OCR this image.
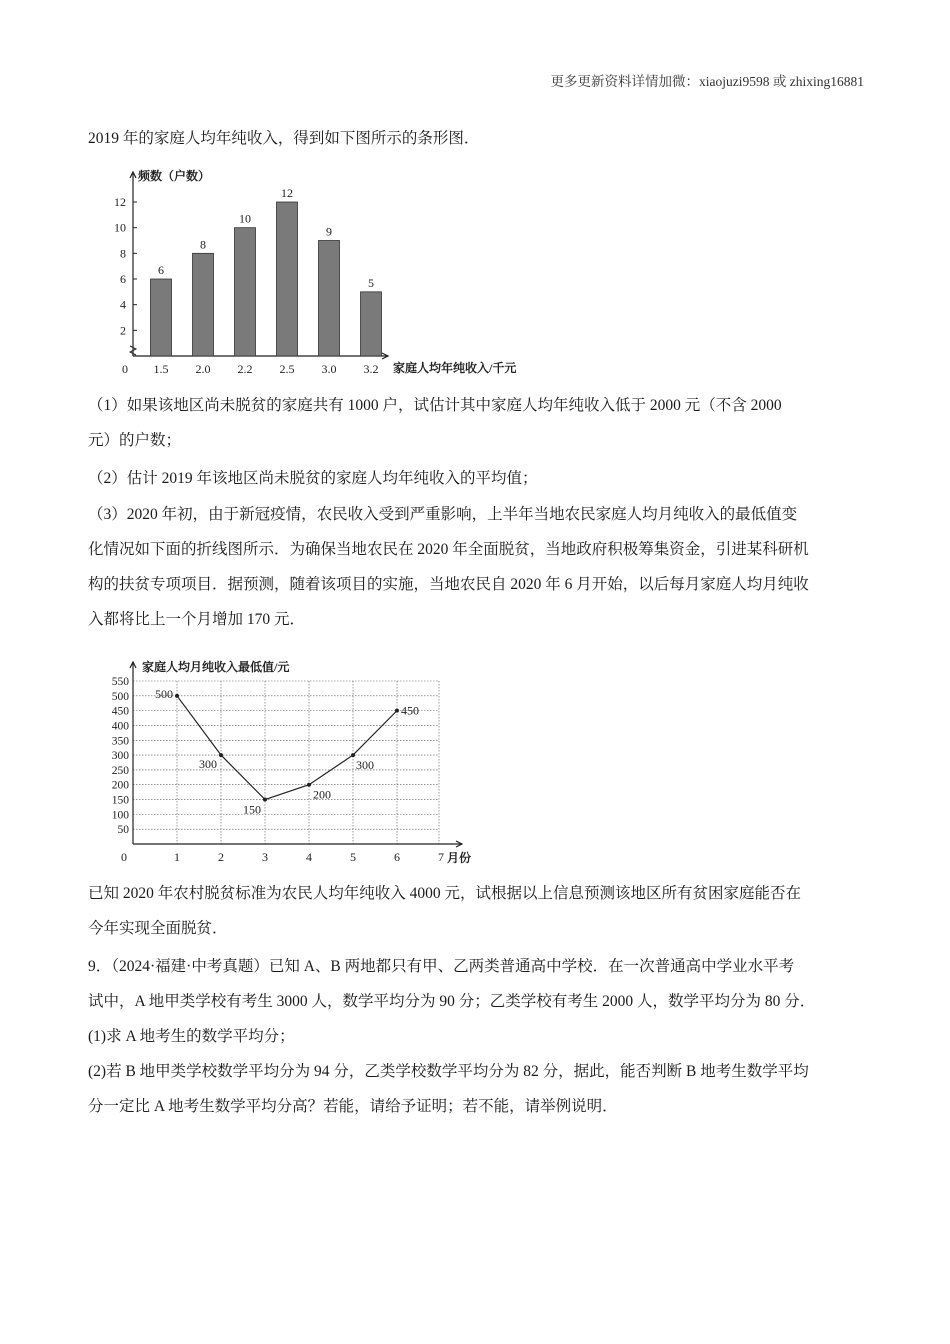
更多更新资料详情加微：xiaojuzi9598 或 zhixing16881

2019 年的家庭人均年纯收入，得到如下图所示的条形图．

频数（户数）
家庭人均年纯收入/千元
0
2
4
6
8
10
12
6
1.5
8
2.0
10
2.2
12
2.5
9
3.0
5
3.2

（1）如果该地区尚未脱贫的家庭共有 1000 户，试估计其中家庭人均年纯收入低于 2000 元（不含 2000
元）的户数；

（2）估计 2019 年该地区尚未脱贫的家庭人均年纯收入的平均值；

（3）2020 年初，由于新冠疫情，农民收入受到严重影响，上半年当地农民家庭人均月纯收入的最低值变
化情况如下面的折线图所示．为确保当地农民在 2020 年全面脱贫，当地政府积极筹集资金，引进某科研机
构的扶贫专项项目．据预测，随着该项目的实施，当地农民自 2020 年 6 月开始，以后每月家庭人均月纯收
入都将比上一个月增加 170 元．

家庭人均月纯收入最低值/元
月份
0
50
100
150
200
250
300
350
400
450
500
550
1	2	3	4	5	6	7
500
300
150
200
300
450

已知 2020 年农村脱贫标准为农民人均年纯收入 4000 元，试根据以上信息预测该地区所有贫困家庭能否在
今年实现全面脱贫．

9．（2024·福建·中考真题）已知 A、B 两地都只有甲、乙两类普通高中学校．在一次普通高中学业水平考
试中，A 地甲类学校有考生 3000 人，数学平均分为 90 分；乙类学校有考生 2000 人，数学平均分为 80 分．
(1)求 A 地考生的数学平均分；
(2)若 B 地甲类学校数学平均分为 94 分，乙类学校数学平均分为 82 分，据此，能否判断 B 地考生数学平均
分一定比 A 地考生数学平均分高？若能，请给予证明；若不能，请举例说明．
